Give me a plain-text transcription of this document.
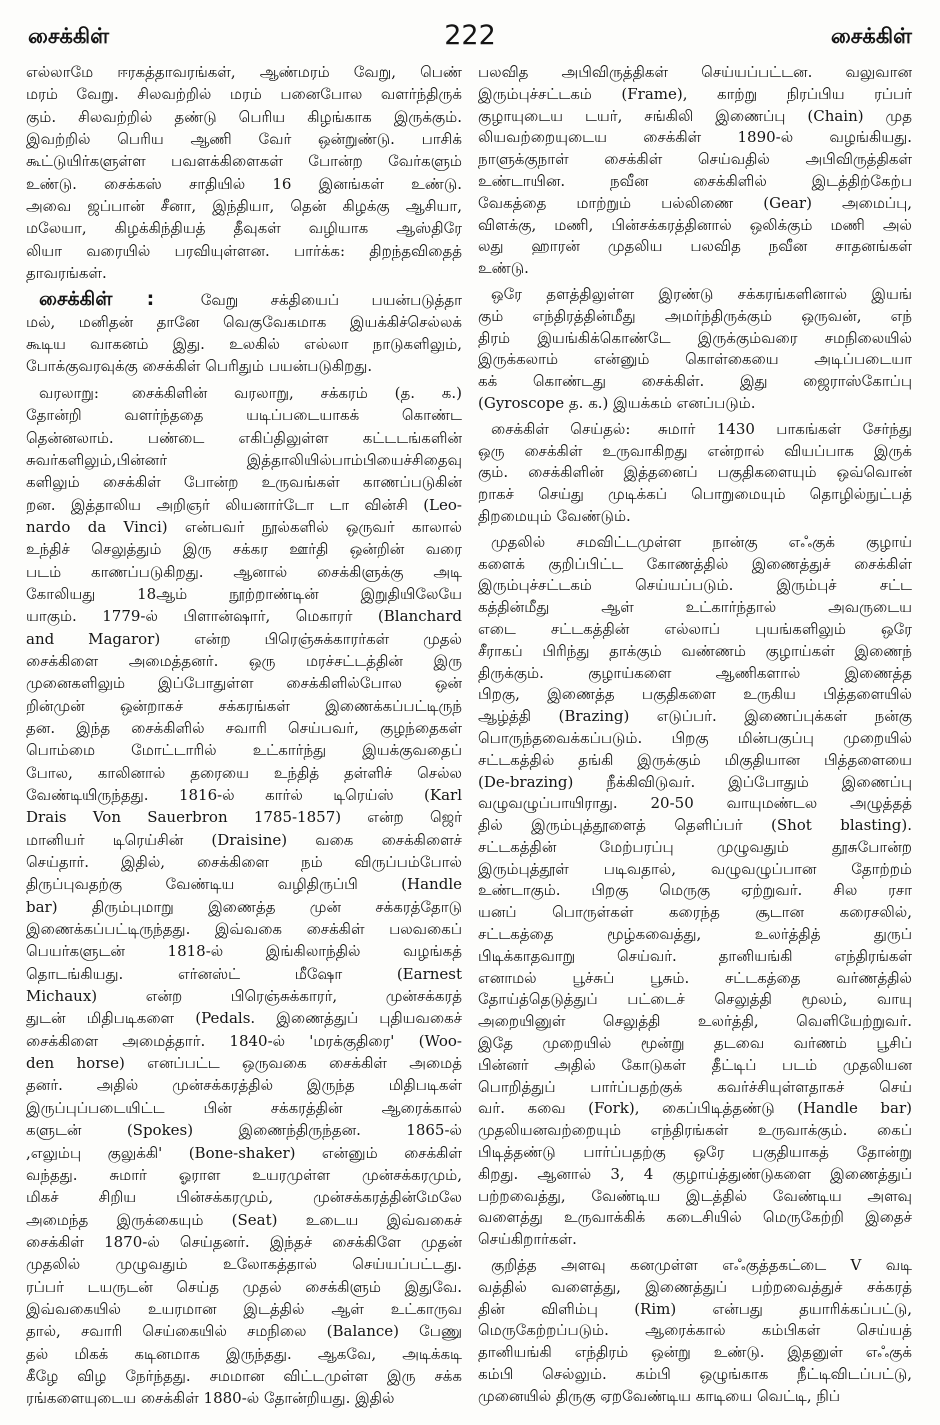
சைக்கிள்	222	சைக்கிள்
எல்லாமே ஈரகத்தாவரங்கள், ஆண்மரம் வேறு, பெண்
மரம் வேறு. சிலவற்றில் மரம் பனைபோல வளர்ந்திருக்
கும். சிலவற்றில் தண்டு பெரிய கிழங்காக இருக்கும்.
இவற்றில் பெரிய ஆணி வேர் ஒன்றுண்டு. பாசிக்
கூட்டுயிர்களுள்ள பவளக்கிளைகள் போன்ற வேர்களும்
உண்டு. சைக்கஸ் சாதியில் 16 இனங்கள் உண்டு.
அவை ஜப்பான் சீனா, இந்தியா, தென் கிழக்கு ஆசியா,
மலேயா, கிழக்கிந்தியத் தீவுகள் வழியாக ஆஸ்திரே
லியா வரையில் பரவியுள்ளன. பார்க்க: திறந்தவிதைத்
தாவரங்கள்.
சைக்கிள் :	வேறு சக்தியைப் பயன்படுத்தா
மல், மனிதன் தானே வெகுவேகமாக இயக்கிச்செல்லக்
கூடிய வாகனம் இது. உலகில் எல்லா நாடுகளிலும்,
போக்குவரவுக்கு சைக்கிள் பெரிதும் பயன்படுகிறது.
வரலாறு: சைக்கிளின் வரலாறு, சக்கரம் (த. க.)
தோன்றி வளர்ந்ததை யடிப்படையாகக் கொண்ட
தென்னலாம். பண்டை எகிப்திலுள்ள கட்டடங்களின்
சுவர்களிலும்,பின்னர் இத்தாலியில்பாம்பியைச்சிதைவு
களிலும் சைக்கிள் போன்ற உருவங்கள் காணப்படுகின்
றன. இத்தாலிய அறிஞர் லியனார்டோ டா வின்சி (Leo-
nardo da Vinci) என்பவர் நூல்களில் ஒருவர் காலால்
உந்திச் செலுத்தும் இரு சக்கர ஊர்தி ஒன்றின் வரை
படம் காணப்படுகிறது. ஆனால் சைக்கிளுக்கு அடி
கோலியது 18ஆம் நூற்றாண்டின் இறுதியிலேயே
யாகும். 1779-ல் பிளான்ஷார், மெகாரர் (Blanchard
and Magaror) என்ற பிரெஞ்சுக்காரர்கள் முதல்
சைக்கிளை அமைத்தனர். ஒரு மரச்சட்டத்தின் இரு
முனைகளிலும் இப்போதுள்ள சைக்கிளில்போல ஒன்
றின்முன் ஒன்றாகச் சக்கரங்கள் இணைக்கப்பட்டிருந்
தன. இந்த சைக்கிளில் சவாரி செய்பவர், குழந்தைகள்
பொம்மை மோட்டாரில் உட்கார்ந்து இயக்குவதைப்
போல, காலினால் தரையை உந்தித் தள்ளிச் செல்ல
வேண்டியிருந்தது. 1816-ல் கார்ல் டிரெய்ஸ் (Karl
Drais Von Sauerbron 1785-1857) என்ற ஜெர்
மானியர் டிரெய்சின் (Draisine) வகை சைக்கிளைச்
செய்தார். இதில், சைக்கிளை நம் விருப்பம்போல்
திருப்புவதற்கு வேண்டிய வழிதிருப்பி (Handle
bar) திரும்புமாறு இணைத்த முன் சக்கரத்தோடு
இணைக்கப்பட்டிருந்தது. இவ்வகை சைக்கிள் பலவகைப்
பெயர்களுடன் 1818-ல் இங்கிலாந்தில் வழங்கத்
தொடங்கியது. எர்னஸ்ட் மீஷோ (Earnest
Michaux) என்ற பிரெஞ்சுக்காரர், முன்சக்கரத்
துடன் மிதிபடிகளை (Pedals. இணைத்துப் புதியவகைச்
சைக்கிளை அமைத்தார். 1840-ல் 'மரக்குதிரை' (Woo-
den horse) எனப்பட்ட ஒருவகை சைக்கிள் அமைத்
தனர். அதில் முன்சக்கரத்தில் இருந்த மிதிபடிகள்
இருப்புப்படையிட்ட பின் சக்கரத்தின் ஆரைக்கால்
களுடன் (Spokes) இணைந்திருந்தன. 1865-ல்
,எலும்பு குலுக்கி' (Bone-shaker) என்னும் சைக்கிள்
வந்தது. சுமார் ஓராள உயரமுள்ள முன்சக்கரமும்,
மிகச் சிறிய பின்சக்கரமும், முன்சக்கரத்தின்மேலே
அமைந்த இருக்கையும் (Seat) உடைய இவ்வகைச்
சைக்கிள் 1870-ல் செய்தனர். இந்தச் சைக்கிளே முதன்
முதலில் முழுவதும் உலோகத்தால் செய்யப்பட்டது.
ரப்பர் டயருடன் செய்த முதல் சைக்கிளும் இதுவே.
இவ்வகையில் உயரமான இடத்தில் ஆள் உட்காருவ
தால், சவாரி செய்கையில் சமநிலை (Balance) பேணு
தல் மிகக் கடினமாக இருந்தது. ஆகவே, அடிக்கடி
கீழே விழ நேர்ந்தது. சமமான விட்டமுள்ள இரு சக்க
ரங்களையுடைய சைக்கிள் 1880-ல் தோன்றியது. இதில்
பலவித அபிவிருத்திகள் செய்யப்பட்டன. வலுவான
இரும்புச்சட்டகம் (Frame), காற்று நிரப்பிய ரப்பர்
குழாயுடைய டயர், சங்கிலி இணைப்பு (Chain) முத
லியவற்றையுடைய சைக்கிள் 1890-ல் வழங்கியது.
நாளுக்குநாள் சைக்கிள் செய்வதில் அபிவிருத்திகள்
உண்டாயின. நவீன சைக்கிளில் இடத்திற்கேற்ப
வேகத்தை மாற்றும் பல்லிணை (Gear) அமைப்பு,
விளக்கு, மணி, பின்சக்கரத்தினால் ஒலிக்கும் மணி அல்
லது ஹாரன் முதலிய பலவித நவீன சாதனங்கள்
உண்டு.
ஒரே தளத்திலுள்ள இரண்டு சக்கரங்களினால் இயங்
கும் எந்திரத்தின்மீது அமர்ந்திருக்கும் ஒருவன், எந்
திரம் இயங்கிக்கொண்டே இருக்கும்வரை சமநிலையில்
இருக்கலாம் என்னும் கொள்கையை அடிப்படையா
கக் கொண்டது சைக்கிள். இது ஜைராஸ்கோப்பு
(Gyroscope த. க.) இயக்கம் எனப்படும்.
சைக்கிள் செய்தல்: சுமார் 1430 பாகங்கள் சேர்ந்து
ஒரு சைக்கிள் உருவாகிறது என்றால் வியப்பாக இருக்
கும். சைக்கிளின் இத்தனைப் பகுதிகளையும் ஒவ்வொன்
றாகச் செய்து முடிக்கப் பொறுமையும் தொழில்நுட்பத்
திறமையும் வேண்டும்.
முதலில் சமவிட்டமுள்ள நான்கு எஃகுக் குழாய்
களைக் குறிப்பிட்ட கோணத்தில் இணைத்துச் சைக்கிள்
இரும்புச்சட்டகம் செய்யப்படும். இரும்புச் சட்ட
கத்தின்மீது ஆள் உட்கார்ந்தால் அவருடைய
எடை சட்டகத்தின் எல்லாப் புயங்களிலும் ஒரே
சீராகப் பிரிந்து தாக்கும் வண்ணம் குழாய்கள் இணைந்
திருக்கும். குழாய்களை ஆணிகளால் இணைத்த
பிறகு, இணைத்த பகுதிகளை உருகிய பித்தளையில்
ஆழ்த்தி (Brazing) எடுப்பர். இணைப்புக்கள் நன்கு
பொருந்தவைக்கப்படும். பிறகு மின்பகுப்பு முறையில்
சட்டகத்தில் தங்கி இருக்கும் மிகுதியான பித்தளையை
(De-brazing) நீக்கிவிடுவர். இப்போதும் இணைப்பு
வழுவழுப்பாயிராது. 20-50 வாயுமண்டல அழுத்தத்
தில் இரும்புத்தூளைத் தெளிப்பர் (Shot blasting).
சட்டகத்தின் மேற்பரப்பு முழுவதும் தூசுபோன்ற
இரும்புத்தூள் படிவதால், வழுவழுப்பான தோற்றம்
உண்டாகும். பிறகு மெருகு ஏற்றுவர். சில ரசா
யனப் பொருள்கள் கரைந்த சூடான கரைசலில்,
சட்டகத்தை மூழ்கவைத்து, உலர்த்தித் துருப்
பிடிக்காதவாறு செய்வர். தானியங்கி எந்திரங்கள்
எனாமல் பூச்சுப் பூசும். சட்டகத்தை வர்ணத்தில்
தோய்த்தெடுத்துப் பட்டைச் செலுத்தி மூலம், வாயு
அறையினுள் செலுத்தி உலர்த்தி, வெளியேற்றுவர்.
இதே முறையில் மூன்று தடவை வர்ணம் பூசிப்
பின்னர் அதில் கோடுகள் தீட்டிப் படம் முதலியன
பொறித்துப் பார்ப்பதற்குக் கவர்ச்சியுள்ளதாகச் செய்
வர். கவை (Fork), கைப்பிடித்தண்டு (Handle bar)
முதலியனவற்றையும் எந்திரங்கள் உருவாக்கும். கைப்
பிடித்தண்டு பார்ப்பதற்கு ஒரே பகுதியாகத் தோன்று
கிறது. ஆனால் 3, 4 குழாய்த்துண்டுகளை இணைத்துப்
பற்றவைத்து, வேண்டிய இடத்தில் வேண்டிய அளவு
வளைத்து உருவாக்கிக் கடைசியில் மெருகேற்றி இதைச்
செய்கிறார்கள்.
குறித்த அளவு கனமுள்ள எஃகுத்தகட்டை V வடி
வத்தில் வளைத்து, இணைத்துப் பற்றவைத்துச் சக்கரத்
தின் விளிம்பு (Rim) என்பது தயாரிக்கப்பட்டு,
மெருகேற்றப்படும். ஆரைக்கால் கம்பிகள் செய்யத்
தானியங்கி எந்திரம் ஒன்று உண்டு. இதனுள் எஃகுக்
கம்பி செல்லும். கம்பி ஒழுங்காக நீட்டிவிடப்பட்டு,
முனையில் திருகு ஏறவேண்டிய காடியை வெட்டி, நிப்
